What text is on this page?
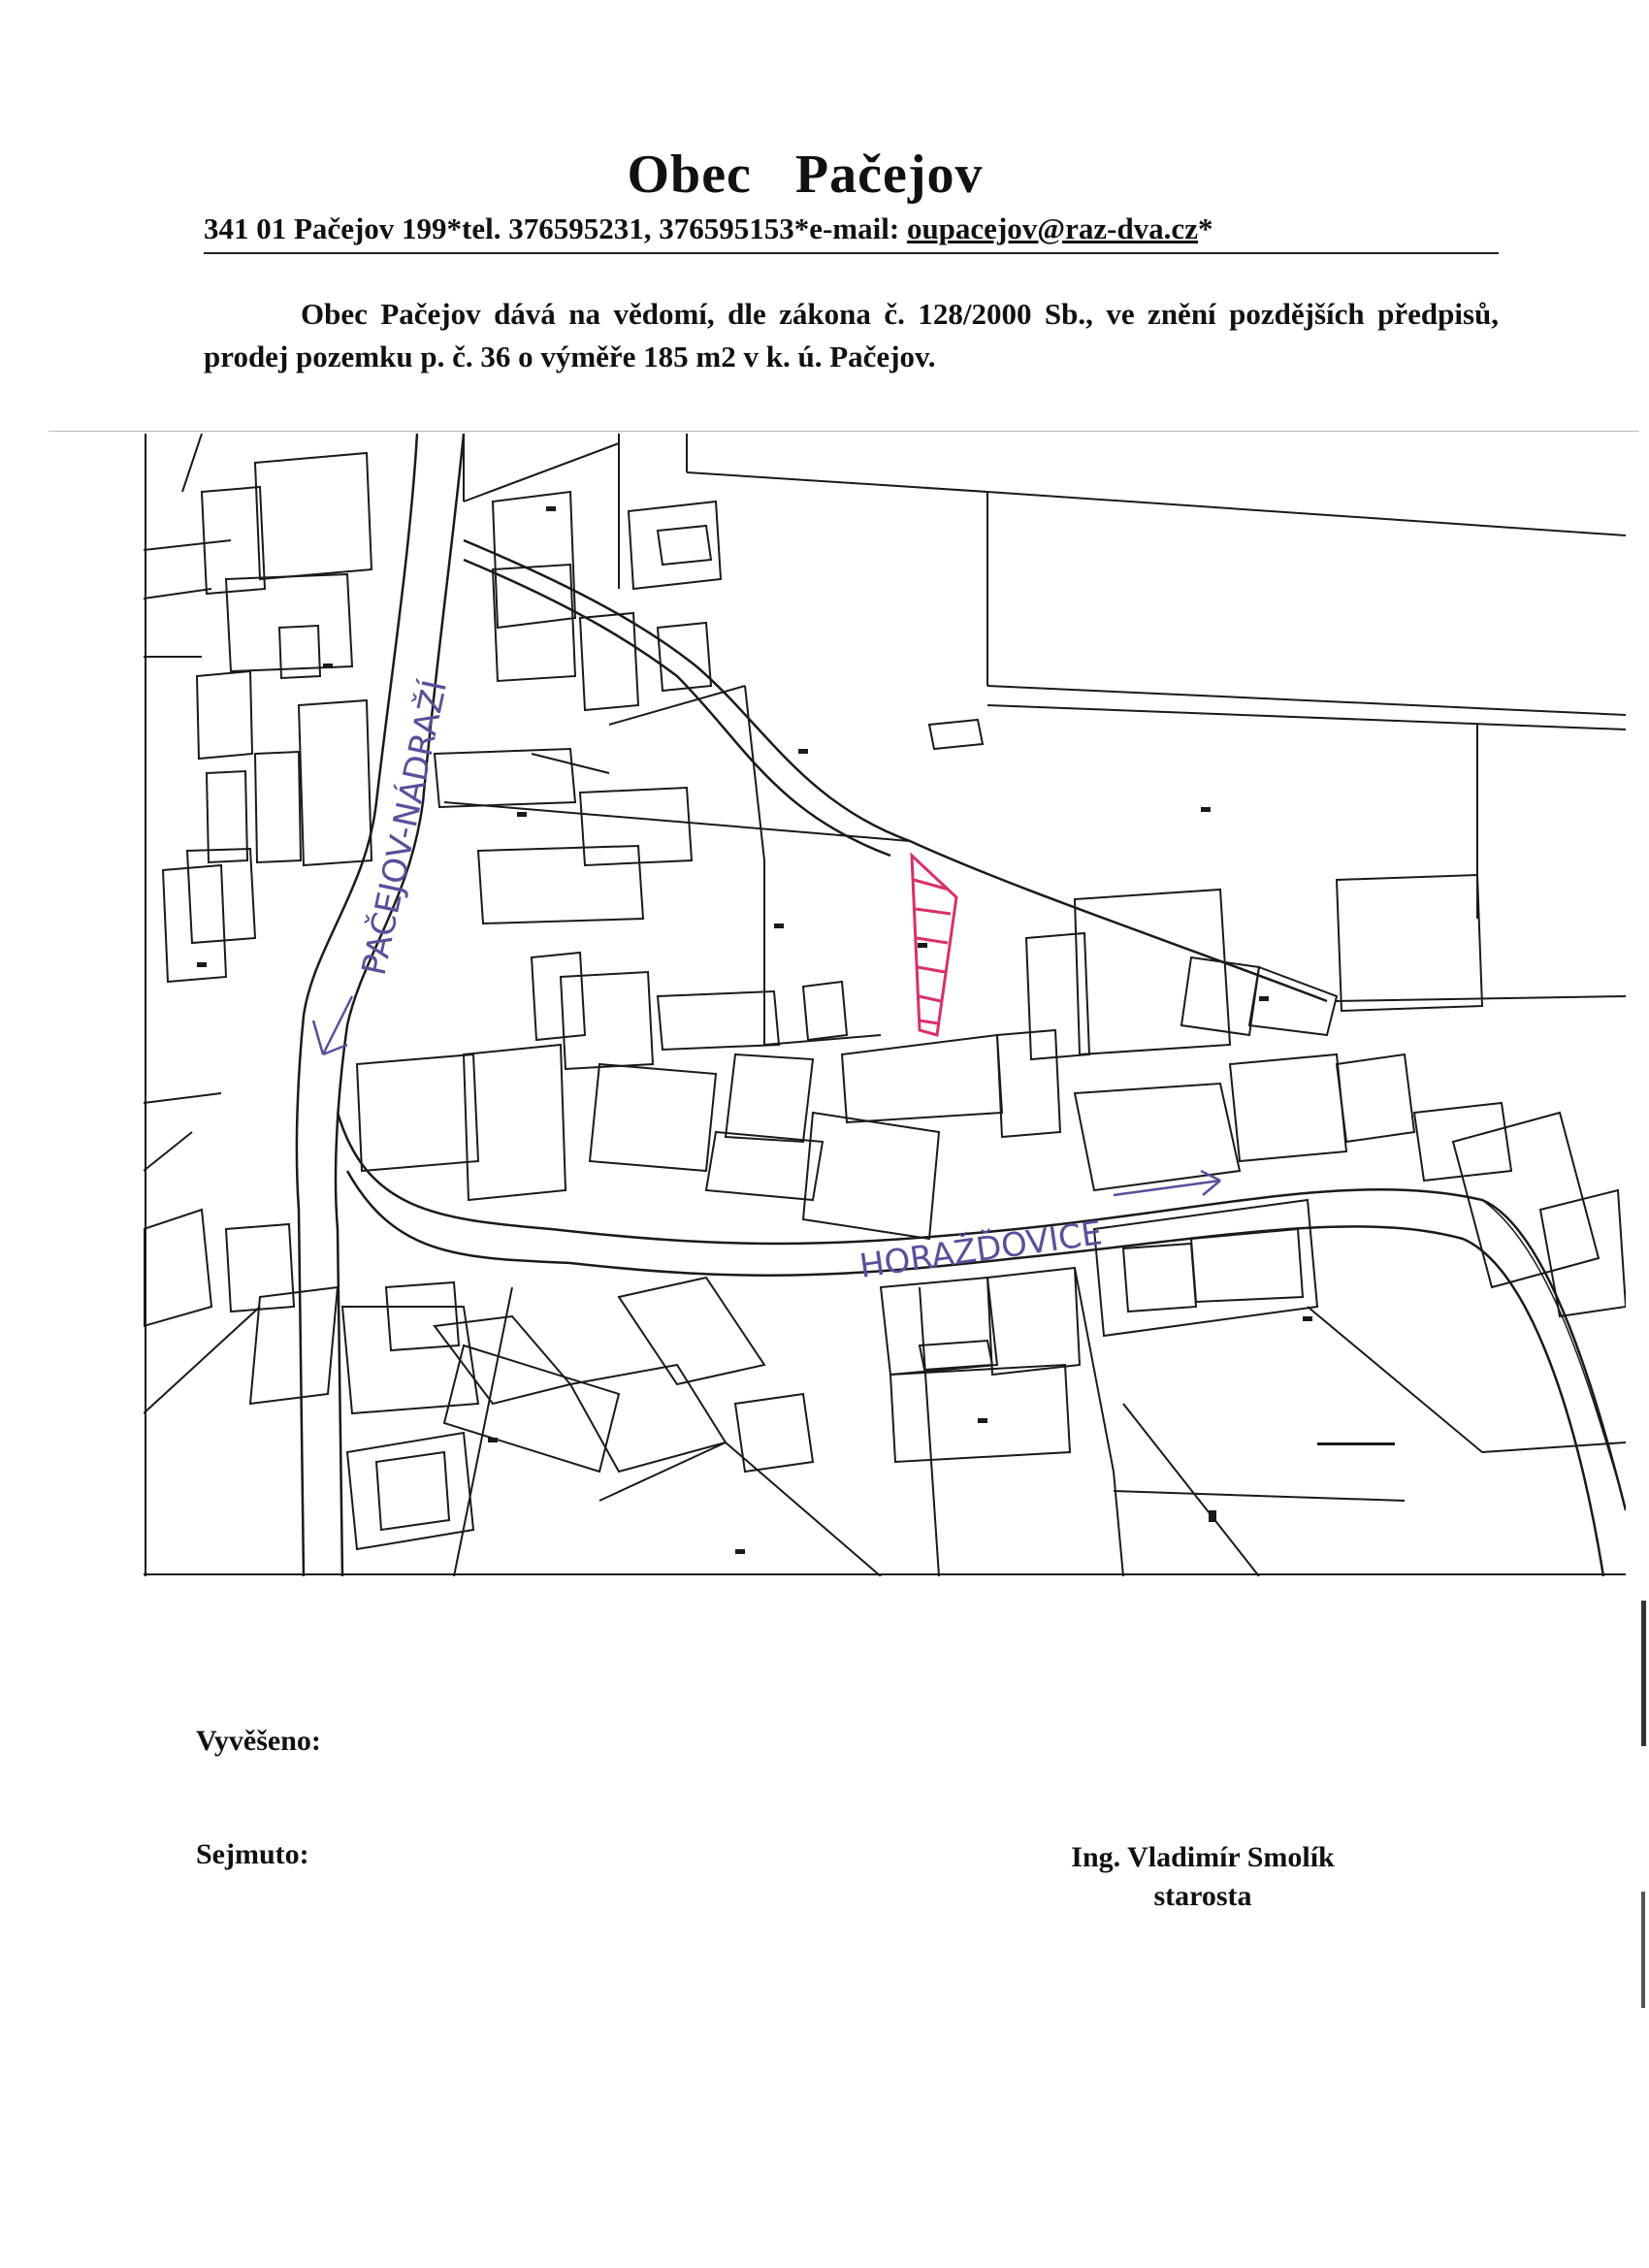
Obec Pačejov
341 01 Pačejov 199*tel. 376595231, 376595153*e-mail: oupacejov@raz-dva.cz*
Obec Pačejov dává na vědomí, dle zákona č. 128/2000 Sb., ve znění pozdějších předpisů, prodej pozemku p. č. 36 o výměře 185 m2 v k. ú. Pačejov.
PAČEJOV-NÁDRAŽÍ
HORAŽĎOVICE
Vyvěšeno:
Sejmuto:	Ing. Vladimír Smolík
starosta
